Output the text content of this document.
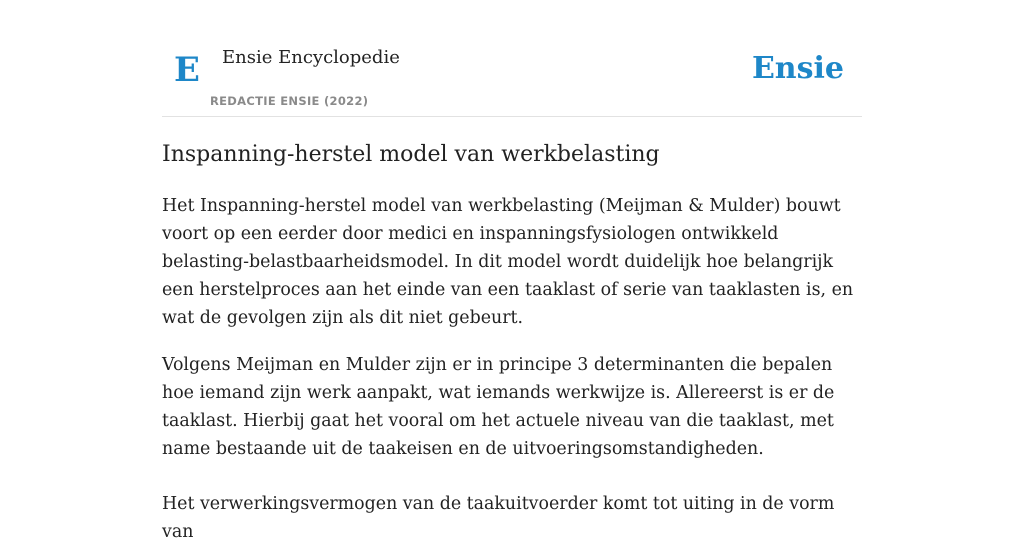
E Ensie Encyclopedie
REDACTIE ENSIE (2022)
Ensie
Inspanning-herstel model van werkbelasting

Het Inspanning-herstel model van werkbelasting (Meijman & Mulder) bouwt voort op een eerder door medici en inspanningsfysiologen ontwikkeld belasting-belastbaarheidsmodel. In dit model wordt duidelijk hoe belangrijk een herstelproces aan het einde van een taaklast of serie van taaklasten is, en wat de gevolgen zijn als dit niet gebeurt.

Volgens Meijman en Mulder zijn er in principe 3 determinanten die bepalen hoe iemand zijn werk aanpakt, wat iemands werkwijze is. Allereerst is er de taaklast. Hierbij gaat het vooral om het actuele niveau van die taaklast, met name bestaande uit de taakeisen en de uitvoeringsomstandigheden.

Het verwerkingsvermogen van de taakuitvoerder komt tot uiting in de vorm van
